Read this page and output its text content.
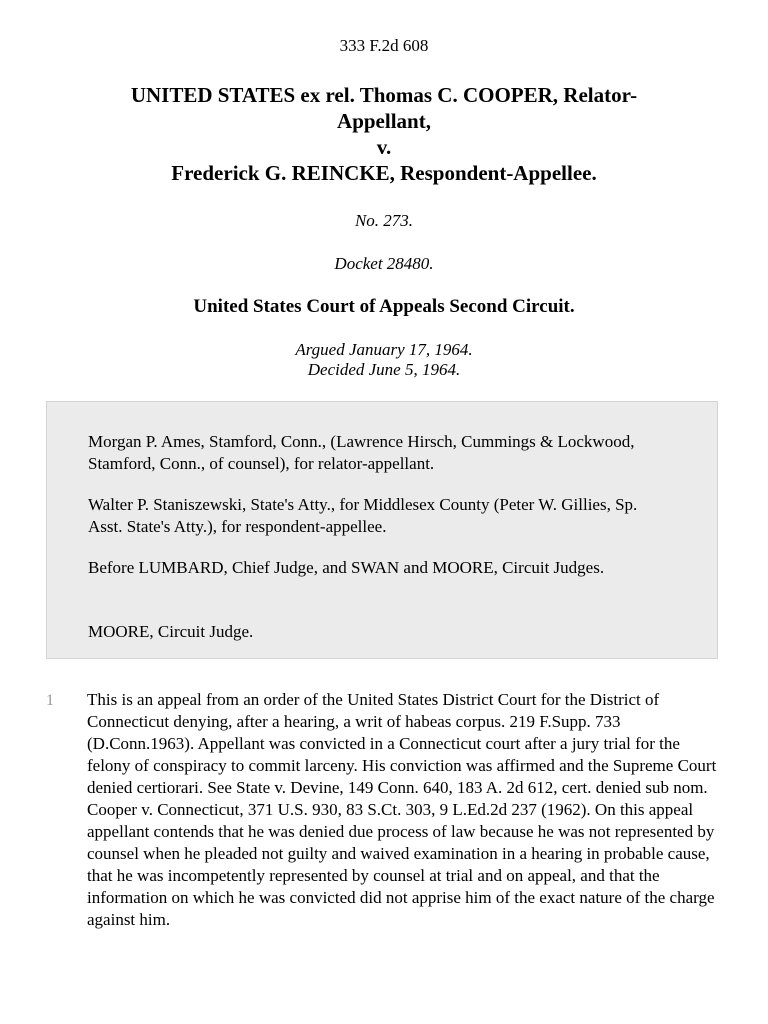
333 F.2d 608
UNITED STATES ex rel. Thomas C. COOPER, Relator-
Appellant,
v.
Frederick G. REINCKE, Respondent-Appellee.
No. 273.
Docket 28480.
United States Court of Appeals Second Circuit.
Argued January 17, 1964.
Decided June 5, 1964.

Morgan P. Ames, Stamford, Conn., (Lawrence Hirsch, Cummings & Lockwood, Stamford, Conn., of counsel), for relator-appellant.

Walter P. Staniszewski, State's Atty., for Middlesex County (Peter W. Gillies, Sp. Asst. State's Atty.), for respondent-appellee.

Before LUMBARD, Chief Judge, and SWAN and MOORE, Circuit Judges.

MOORE, Circuit Judge.

1 This is an appeal from an order of the United States District Court for the District of Connecticut denying, after a hearing, a writ of habeas corpus. 219 F.Supp. 733 (D.Conn.1963). Appellant was convicted in a Connecticut court after a jury trial for the felony of conspiracy to commit larceny. His conviction was affirmed and the Supreme Court denied certiorari. See State v. Devine, 149 Conn. 640, 183 A. 2d 612, cert. denied sub nom. Cooper v. Connecticut, 371 U.S. 930, 83 S.Ct. 303, 9 L.Ed.2d 237 (1962). On this appeal appellant contends that he was denied due process of law because he was not represented by counsel when he pleaded not guilty and waived examination in a hearing in probable cause, that he was incompetently represented by counsel at trial and on appeal, and that the information on which he was convicted did not apprise him of the exact nature of the charge against him.
